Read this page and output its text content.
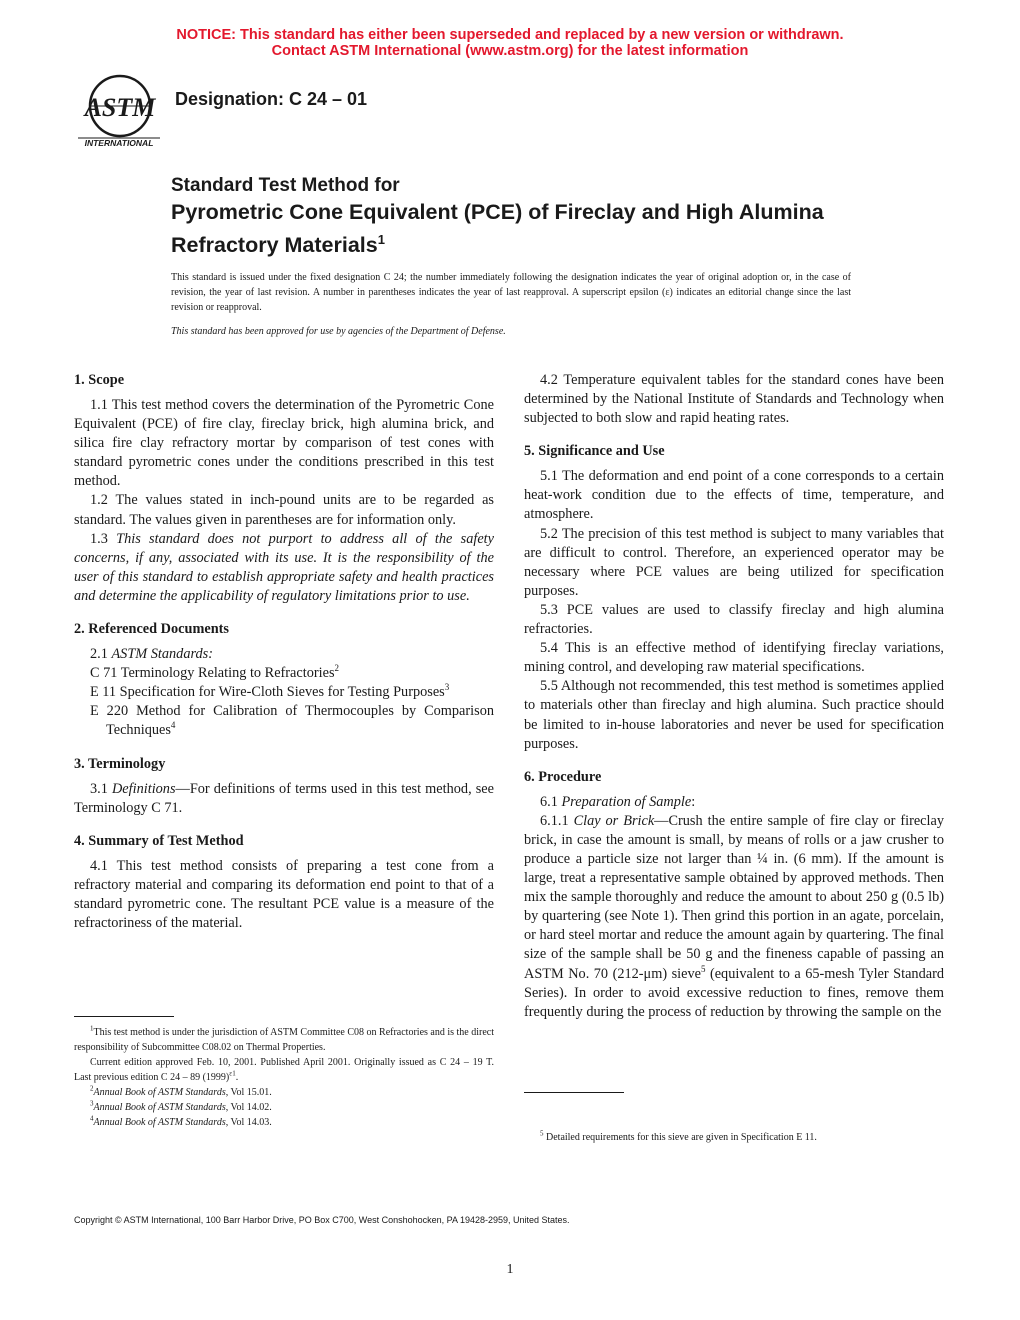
NOTICE: This standard has either been superseded and replaced by a new version or withdrawn.
Contact ASTM International (www.astm.org) for the latest information
ASTM
INTERNATIONAL
Designation: C 24 – 01
Standard Test Method for
Pyrometric Cone Equivalent (PCE) of Fireclay and High Alumina Refractory Materials$^1$
This standard is issued under the fixed designation C 24; the number immediately following the designation indicates the year of original adoption or, in the case of revision, the year of last revision. A number in parentheses indicates the year of last reapproval. A superscript epsilon (ε) indicates an editorial change since the last revision or reapproval.
This standard has been approved for use by agencies of the Department of Defense.
1. Scope

1.1 This test method covers the determination of the Pyrometric Cone Equivalent (PCE) of fire clay, fireclay brick, high alumina brick, and silica fire clay refractory mortar by comparison of test cones with standard pyrometric cones under the conditions prescribed in this test method.

1.2 The values stated in inch-pound units are to be regarded as standard. The values given in parentheses are for information only.

1.3 This standard does not purport to address all of the safety concerns, if any, associated with its use. It is the responsibility of the user of this standard to establish appropriate safety and health practices and determine the applicability of regulatory limitations prior to use.

2. Referenced Documents

2.1 ASTM Standards:

C 71 Terminology Relating to Refractories$^2$

E 11 Specification for Wire-Cloth Sieves for Testing Purposes$^3$

E 220 Method for Calibration of Thermocouples by Comparison Techniques$^4$

3. Terminology

3.1 Definitions—For definitions of terms used in this test method, see Terminology C 71.

4. Summary of Test Method

4.1 This test method consists of preparing a test cone from a refractory material and comparing its deformation end point to that of a standard pyrometric cone. The resultant PCE value is a measure of the refractoriness of the material.

4.2 Temperature equivalent tables for the standard cones have been determined by the National Institute of Standards and Technology when subjected to both slow and rapid heating rates.

5. Significance and Use

5.1 The deformation and end point of a cone corresponds to a certain heat-work condition due to the effects of time, temperature, and atmosphere.

5.2 The precision of this test method is subject to many variables that are difficult to control. Therefore, an experienced operator may be necessary where PCE values are being utilized for specification purposes.

5.3 PCE values are used to classify fireclay and high alumina refractories.

5.4 This is an effective method of identifying fireclay variations, mining control, and developing raw material specifications.

5.5 Although not recommended, this test method is sometimes applied to materials other than fireclay and high alumina. Such practice should be limited to in-house laboratories and never be used for specification purposes.

6. Procedure

6.1 Preparation of Sample:

6.1.1 Clay or Brick—Crush the entire sample of fire clay or fireclay brick, in case the amount is small, by means of rolls or a jaw crusher to produce a particle size not larger than ¼ in. (6 mm). If the amount is large, treat a representative sample obtained by approved methods. Then mix the sample thoroughly and reduce the amount to about 250 g (0.5 lb) by quartering (see Note 1). Then grind this portion in an agate, porcelain, or hard steel mortar and reduce the amount again by quartering. The final size of the sample shall be 50 g and the fineness capable of passing an ASTM No. 70 (212-μm) sieve$^5$ (equivalent to a 65-mesh Tyler Standard Series). In order to avoid excessive reduction to fines, remove them frequently during the process of reduction by throwing the sample on the

$^1$This test method is under the jurisdiction of ASTM Committee C08 on Refractories and is the direct responsibility of Subcommittee C08.02 on Thermal Properties.

Current edition approved Feb. 10, 2001. Published April 2001. Originally issued as C 24 – 19 T. Last previous edition C 24 – 89 $(1999)^{\varepsilon 1}$.

$^2$Annual Book of ASTM Standards, Vol 15.01.

$^3$Annual Book of ASTM Standards, Vol 14.02.

$^4$Annual Book of ASTM Standards, Vol 14.03.

$^5$ Detailed requirements for this sieve are given in Specification E 11.

Copyright © ASTM International, 100 Barr Harbor Drive, PO Box C700, West Conshohocken, PA 19428-2959, United States.
1
